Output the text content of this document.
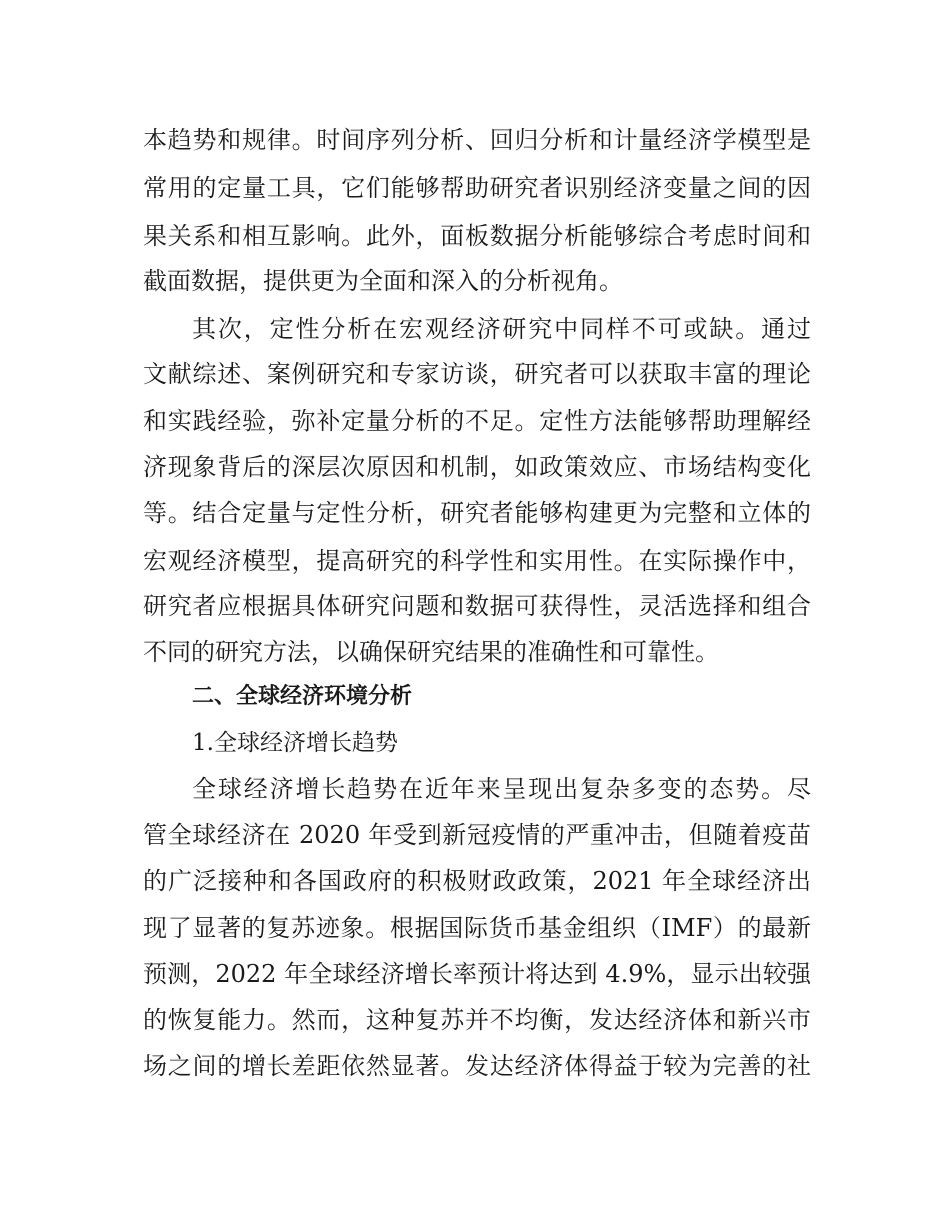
本趋势和规律。时间序列分析、回归分析和计量经济学模型是
常用的定量工具，它们能够帮助研究者识别经济变量之间的因
果关系和相互影响。此外，面板数据分析能够综合考虑时间和
截面数据，提供更为全面和深入的分析视角。
其次，定性分析在宏观经济研究中同样不可或缺。通过
文献综述、案例研究和专家访谈，研究者可以获取丰富的理论
和实践经验，弥补定量分析的不足。定性方法能够帮助理解经
济现象背后的深层次原因和机制，如政策效应、市场结构变化
等。结合定量与定性分析，研究者能够构建更为完整和立体的
宏观经济模型，提高研究的科学性和实用性。在实际操作中，
研究者应根据具体研究问题和数据可获得性，灵活选择和组合
不同的研究方法，以确保研究结果的准确性和可靠性。
二、全球经济环境分析
1.全球经济增长趋势
全球经济增长趋势在近年来呈现出复杂多变的态势。尽
管全球经济在 2020 年受到新冠疫情的严重冲击，但随着疫苗
的广泛接种和各国政府的积极财政政策，2021 年全球经济出
现了显著的复苏迹象。根据国际货币基金组织（IMF）的最新
预测，2022 年全球经济增长率预计将达到 4.9%，显示出较强
的恢复能力。然而，这种复苏并不均衡，发达经济体和新兴市
场之间的增长差距依然显著。发达经济体得益于较为完善的社
